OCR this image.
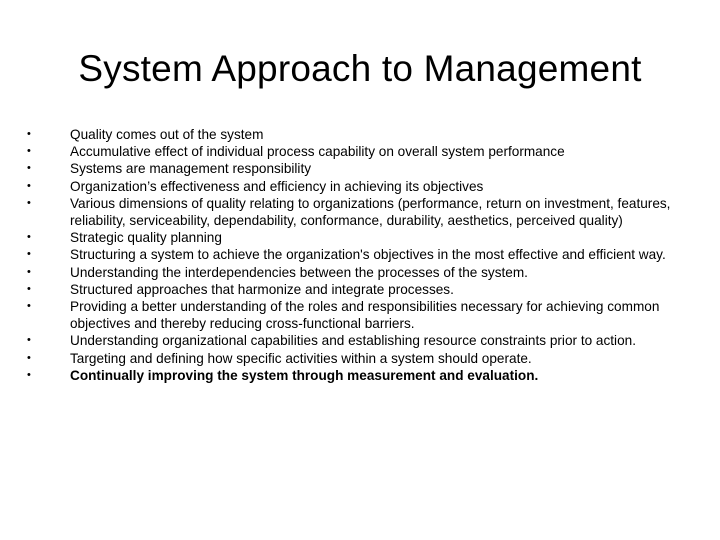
System Approach to Management
•	Quality comes out of the system
•	Accumulative effect of individual process capability on overall system performance
•	Systems are management responsibility
•	Organization’s effectiveness and efficiency in achieving its objectives
•	Various dimensions of quality relating to organizations (performance, return on investment, features, reliability, serviceability, dependability, conformance, durability, aesthetics, perceived quality)
•	Strategic quality planning
•	Structuring a system to achieve the organization's objectives in the most effective and efficient way.
•	Understanding the interdependencies between the processes of the system.
•	Structured approaches that harmonize and integrate processes.
•	Providing a better understanding of the roles and responsibilities necessary for achieving common objectives and thereby reducing cross-functional barriers.
•	Understanding organizational capabilities and establishing resource constraints prior to action.
•	Targeting and defining how specific activities within a system should operate.
•	Continually improving the system through measurement and evaluation.
